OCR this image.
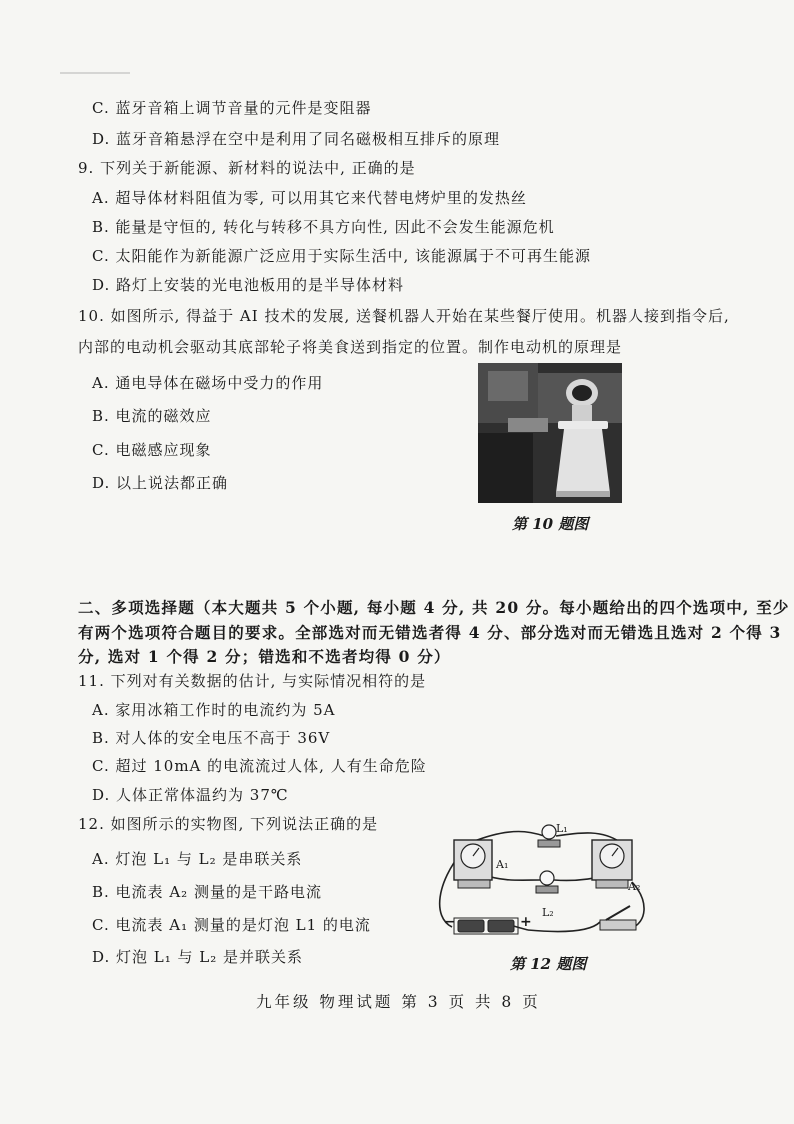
C. 蓝牙音箱上调节音量的元件是变阻器
D. 蓝牙音箱悬浮在空中是利用了同名磁极相互排斥的原理
9. 下列关于新能源、新材料的说法中, 正确的是
A. 超导体材料阻值为零, 可以用其它来代替电烤炉里的发热丝
B. 能量是守恒的, 转化与转移不具方向性, 因此不会发生能源危机
C. 太阳能作为新能源广泛应用于实际生活中, 该能源属于不可再生能源
D. 路灯上安装的光电池板用的是半导体材料
10. 如图所示, 得益于 AI 技术的发展, 送餐机器人开始在某些餐厅使用。机器人接到指令后,
内部的电动机会驱动其底部轮子将美食送到指定的位置。制作电动机的原理是
A. 通电导体在磁场中受力的作用
B. 电流的磁效应
C. 电磁感应现象
D. 以上说法都正确
第 10 题图
二、多项选择题（本大题共 5 个小题, 每小题 4 分, 共 20 分。每小题给出的四个选项中, 至少
有两个选项符合题目的要求。全部选对而无错选者得 4 分、部分选对而无错选且选对 2 个得 3
分, 选对 1 个得 2 分；错选和不选者均得 0 分）
11. 下列对有关数据的估计, 与实际情况相符的是
A. 家用冰箱工作时的电流约为 5A
B. 对人体的安全电压不高于 36V
C. 超过 10mA 的电流流过人体, 人有生命危险
D. 人体正常体温约为 37℃
12. 如图所示的实物图, 下列说法正确的是
A. 灯泡 L₁ 与 L₂ 是串联关系
B. 电流表 A₂ 测量的是干路电流
C. 电流表 A₁ 测量的是灯泡 L1 的电流
D. 灯泡 L₁ 与 L₂ 是并联关系
L₁
A₁
A₂
L₂
−	+
第 12 题图
九年级 物理试题 第 3 页 共 8 页
